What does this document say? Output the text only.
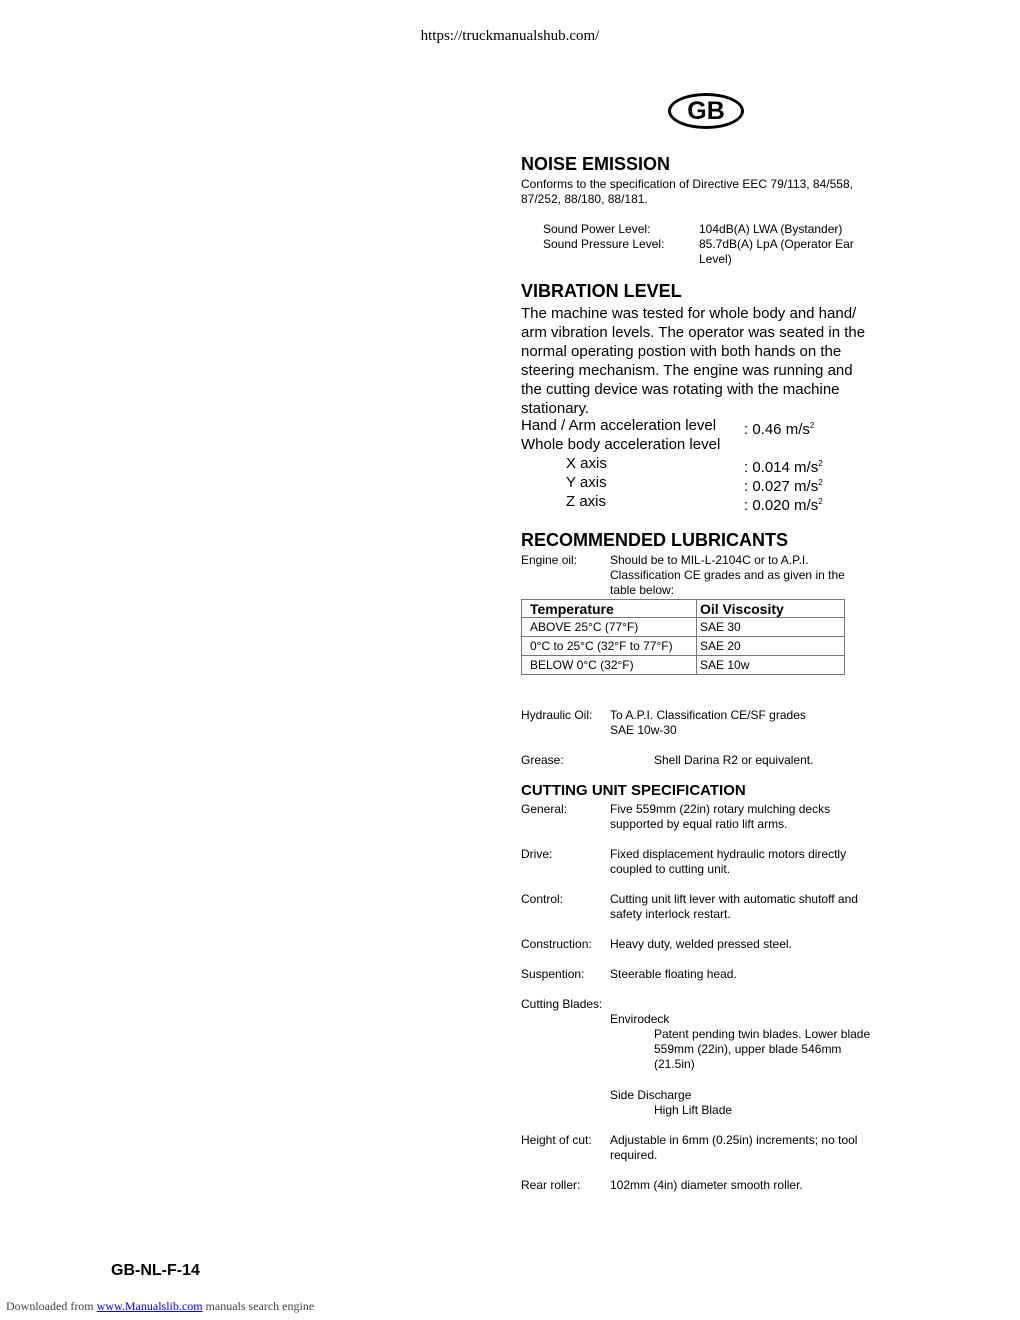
https://truckmanualshub.com/
GB
NOISE EMISSION
Conforms to the specification of Directive EEC 79/113, 84/558,
87/252, 88/180, 88/181.
Sound Power Level:	104dB(A) LWA (Bystander)
Sound Pressure Level:	85.7dB(A) LpA (Operator Ear
Level)
VIBRATION LEVEL
The machine was tested for whole body and hand/
arm vibration levels. The operator was seated in the
normal operating postion with both hands on the
steering mechanism. The engine was running and
the cutting device was rotating with the machine
stationary.
Hand / Arm acceleration level : 0.46 $m/s^2$
Whole body acceleration level
X axis	: 0.014 $m/s^2$
Y axis	: 0.027 $m/s^2$
Z axis	: 0.020 $m/s^2$
RECOMMENDED LUBRICANTS
Engine oil:	Should be to MIL-L-2104C or to A.P.I.
Classification CE grades and as given in the
table below:
Temperature	Oil Viscosity
ABOVE 25°C (77°F)	SAE 30
0°C to 25°C (32°F to 77°F)	SAE 20
BELOW 0°C (32°F)	SAE 10w
Hydraulic Oil: To A.P.I. Classification CE/SF grades
SAE 10w-30
Grease:	Shell Darina R2 or equivalent.
CUTTING UNIT SPECIFICATION
General:	Five 559mm (22in) rotary mulching decks
supported by equal ratio lift arms.
Drive:	Fixed displacement hydraulic motors directly
coupled to cutting unit.
Control:	Cutting unit lift lever with automatic shutoff and
safety interlock restart.
Construction: Heavy duty, welded pressed steel.
Suspention: Steerable floating head.
Cutting Blades:
Envirodeck
Patent pending twin blades. Lower blade
559mm (22in), upper blade 546mm
(21.5in)
Side Discharge
High Lift Blade
Height of cut: Adjustable in 6mm (0.25in) increments; no tool
required.
Rear roller: 102mm (4in) diameter smooth roller.
GB-NL-F-14
Downloaded from www.Manualslib.com manuals search engine
